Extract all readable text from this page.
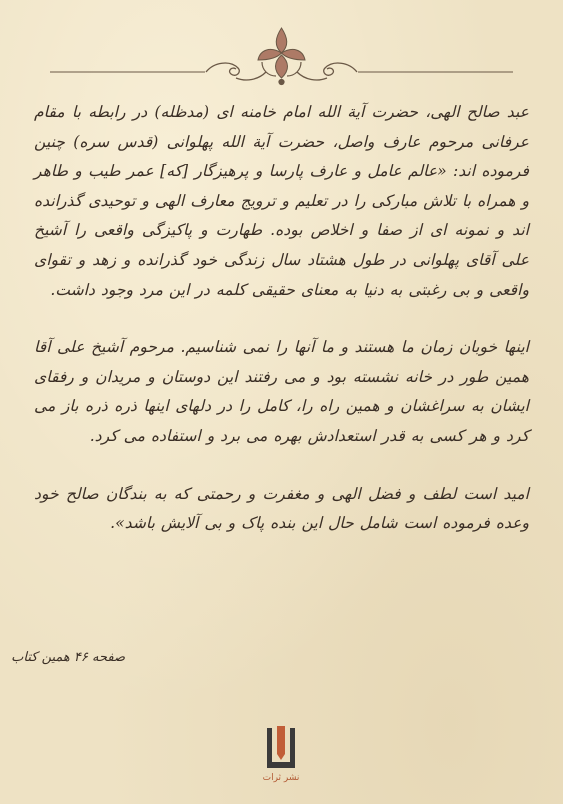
عبد صالح الهی، حضرت آیة الله امام خامنه ای (مدظله) در رابطه با مقام عرفانی مرحوم عارف واصل، حضرت آیة الله پهلوانی (قدس سره) چنین فرموده اند: «عالم عامل و عارف پارسا و پرهیزگار [که] عمر طیب و طاهر و همراه با تلاش مبارکی را در تعلیم و ترویج معارف الهی و توحیدی گذرانده اند و نمونه ای از صفا و اخلاص بوده. طهارت و پاکیزگی واقعی را آشیخ علی آقای پهلوانی در طول هشتاد سال زندگی خود گذرانده و زهد و تقوای واقعی و بی رغبتی به دنیا به معنای حقیقی کلمه در این مرد وجود داشت.

اینها خوبان زمان ما هستند و ما آنها را نمی شناسیم. مرحوم آشیخ علی آقا همین طور در خانه نشسته بود و می رفتند این دوستان و مریدان و رفقای ایشان به سراغشان و همین راه را، کامل را در دلهای اینها ذره ذره باز می کرد و هر کسی به قدر استعدادش بهره می برد و استفاده می کرد.

امید است لطف و فضل الهی و مغفرت و رحمتی که به بندگان صالح خود وعده فرموده است شامل حال این بنده پاک و بی آلایش باشد».

صفحه ۴۶ همین کتاب
نشر ثرات
